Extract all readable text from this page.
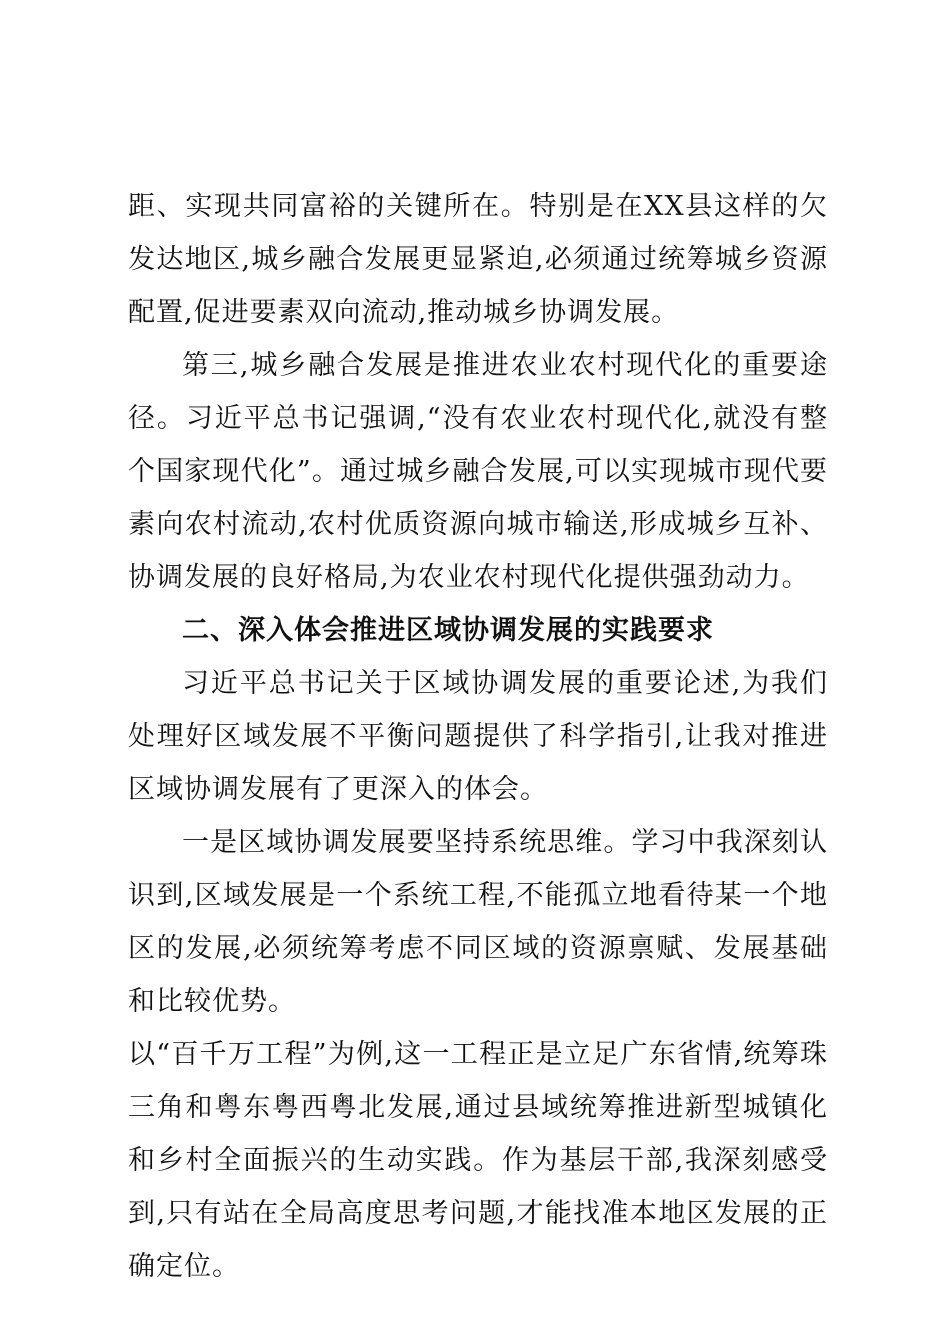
距、实现共同富裕的关键所在。特别是在XX县这样的欠发达地区,城乡融合发展更显紧迫,必须通过统筹城乡资源配置,促进要素双向流动,推动城乡协调发展。

第三,城乡融合发展是推进农业农村现代化的重要途径。习近平总书记强调,“没有农业农村现代化,就没有整个国家现代化”。通过城乡融合发展,可以实现城市现代要素向农村流动,农村优质资源向城市输送,形成城乡互补、协调发展的良好格局,为农业农村现代化提供强劲动力。

二、深入体会推进区域协调发展的实践要求

习近平总书记关于区域协调发展的重要论述,为我们处理好区域发展不平衡问题提供了科学指引,让我对推进区域协调发展有了更深入的体会。

一是区域协调发展要坚持系统思维。学习中我深刻认识到,区域发展是一个系统工程,不能孤立地看待某一个地区的发展,必须统筹考虑不同区域的资源禀赋、发展基础和比较优势。

以“百千万工程”为例,这一工程正是立足广东省情,统筹珠三角和粤东粤西粤北发展,通过县域统筹推进新型城镇化和乡村全面振兴的生动实践。作为基层干部,我深刻感受到,只有站在全局高度思考问题,才能找准本地区发展的正确定位。
